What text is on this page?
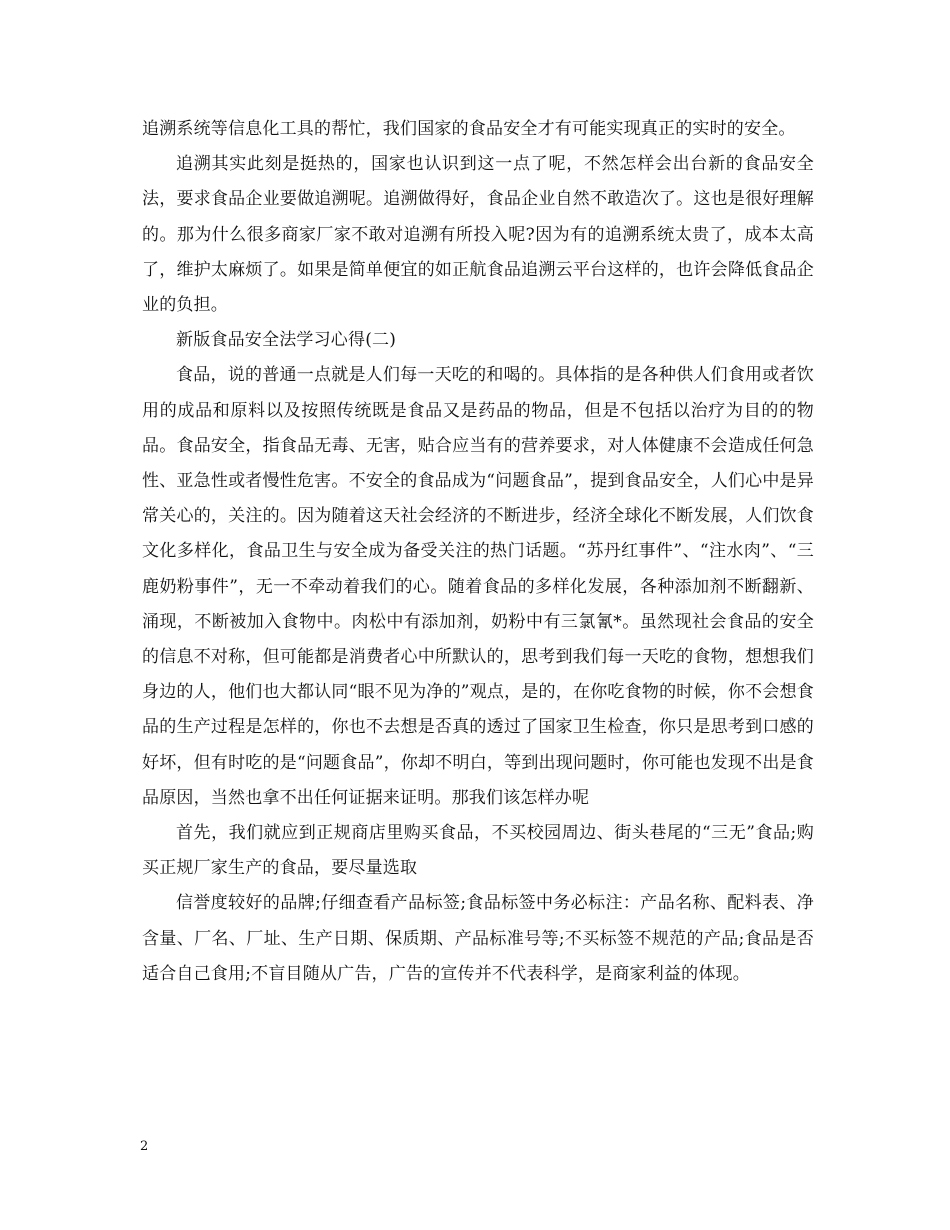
追溯系统等信息化工具的帮忙，我们国家的食品安全才有可能实现真正的实时的安全。

追溯其实此刻是挺热的，国家也认识到这一点了呢，不然怎样会出台新的食品安全法，要求食品企业要做追溯呢。追溯做得好，食品企业自然不敢造次了。这也是很好理解的。那为什么很多商家厂家不敢对追溯有所投入呢?因为有的追溯系统太贵了，成本太高了，维护太麻烦了。如果是简单便宜的如正航食品追溯云平台这样的，也许会降低食品企业的负担。

新版食品安全法学习心得(二)

食品，说的普通一点就是人们每一天吃的和喝的。具体指的是各种供人们食用或者饮用的成品和原料以及按照传统既是食品又是药品的物品，但是不包括以治疗为目的的物品。食品安全，指食品无毒、无害，贴合应当有的营养要求，对人体健康不会造成任何急性、亚急性或者慢性危害。不安全的食品成为“问题食品”，提到食品安全，人们心中是异常关心的，关注的。因为随着这天社会经济的不断进步，经济全球化不断发展，人们饮食文化多样化，食品卫生与安全成为备受关注的热门话题。“苏丹红事件”、“注水肉”、“三鹿奶粉事件”，无一不牵动着我们的心。随着食品的多样化发展，各种添加剂不断翻新、涌现，不断被加入食物中。肉松中有添加剂，奶粉中有三氯氰*。虽然现社会食品的安全的信息不对称，但可能都是消费者心中所默认的，思考到我们每一天吃的食物，想想我们身边的人，他们也大都认同“眼不见为净的”观点，是的，在你吃食物的时候，你不会想食品的生产过程是怎样的，你也不去想是否真的透过了国家卫生检查，你只是思考到口感的好坏，但有时吃的是“问题食品”，你却不明白，等到出现问题时，你可能也发现不出是食品原因，当然也拿不出任何证据来证明。那我们该怎样办呢

首先，我们就应到正规商店里购买食品，不买校园周边、街头巷尾的“三无”食品;购买正规厂家生产的食品，要尽量选取

信誉度较好的品牌;仔细查看产品标签;食品标签中务必标注：产品名称、配料表、净含量、厂名、厂址、生产日期、保质期、产品标准号等;不买标签不规范的产品;食品是否适合自己食用;不盲目随从广告，广告的宣传并不代表科学，是商家利益的体现。

2
